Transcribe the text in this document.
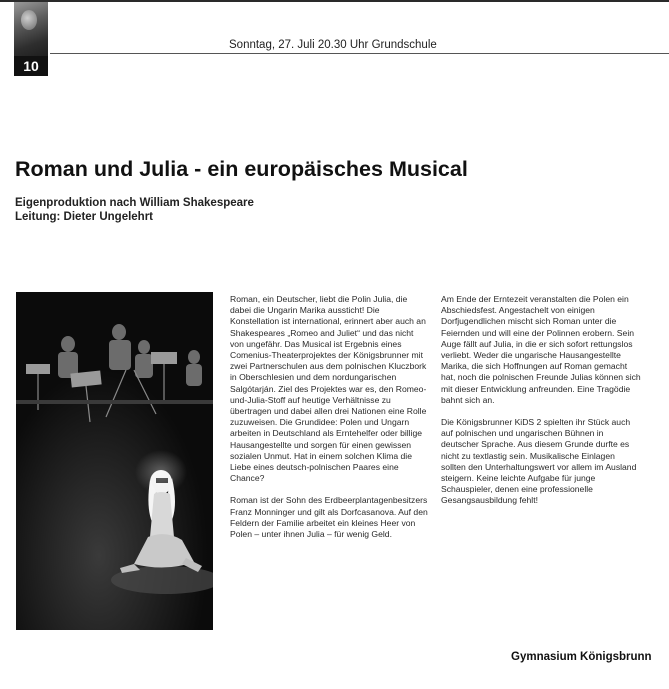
10
Sonntag, 27. Juli 20.30 Uhr Grundschule
Roman und Julia - ein europäisches Musical
Eigenproduktion nach William Shakespeare
Leitung: Dieter Ungelehrt

Roman, ein Deutscher, liebt die Polin Julia, die dabei die Ungarin Marika aussticht! Die Konstellation ist international, erinnert aber auch an Shakespeares „Romeo and Juliet“ und das nicht von ungefähr. Das Musical ist Ergebnis eines Comenius-Theaterprojektes der Königsbrunner mit zwei Partnerschulen aus dem polnischen Kluczbork in Oberschlesien und dem nordungarischen Salgótarján. Ziel des Projektes war es, den Romeo-und-Julia-Stoff auf heutige Verhältnisse zu übertragen und dabei allen drei Nationen eine Rolle zuzuweisen. Die Grundidee: Polen und Ungarn arbeiten in Deutschland als Erntehelfer oder billige Hausangestellte und sorgen für einen gewissen sozialen Unmut. Hat in einem solchen Klima die Liebe eines deutsch-polnischen Paares eine Chance?

Roman ist der Sohn des Erdbeerplantagenbesitzers Franz Monninger und gilt als Dorfcasanova. Auf den Feldern der Familie arbeitet ein kleines Heer von Polen – unter ihnen Julia – für wenig Geld.

Am Ende der Erntezeit veranstalten die Polen ein Abschiedsfest. Angestachelt von einigen Dorfjugendlichen mischt sich Roman unter die Feiernden und will eine der Polinnen erobern. Sein Auge fällt auf Julia, in die er sich sofort rettungslos verliebt. Weder die ungarische Hausangestellte Marika, die sich Hoffnungen auf Roman gemacht hat, noch die polnischen Freunde Julias können sich mit dieser Entwicklung anfreunden. Eine Tragödie bahnt sich an.

Die Königsbrunner KiDS 2 spielten ihr Stück auch auf polnischen und ungarischen Bühnen in deutscher Sprache. Aus diesem Grunde durfte es nicht zu textlastig sein. Musikalische Einlagen sollten den Unterhaltungswert vor allem im Ausland steigern. Keine leichte Aufgabe für junge Schauspieler, denen eine professionelle Gesangsausbildung fehlt!

Gymnasium Königsbrunn
